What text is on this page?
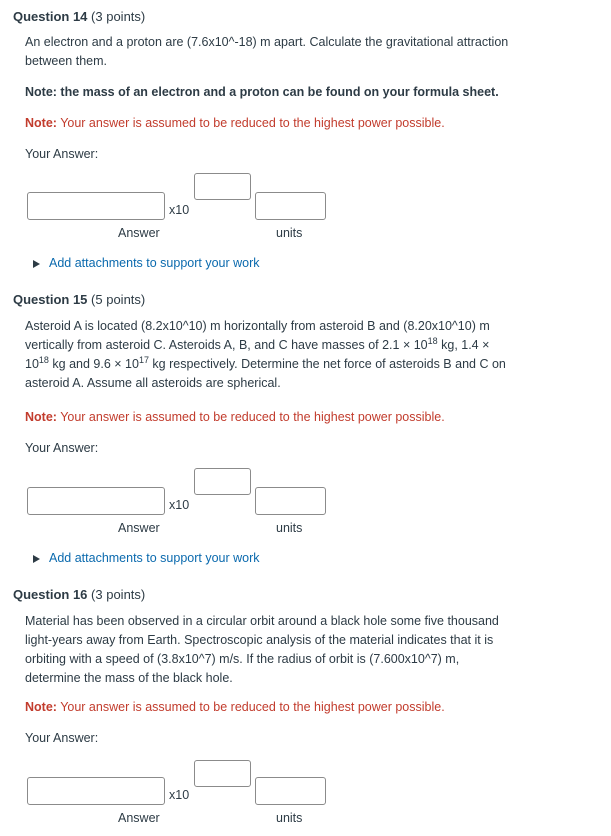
Question 14 (3 points)
An electron and a proton are (7.6x10^-18) m apart. Calculate the gravitational attraction between them.
Note: the mass of an electron and a proton can be found on your formula sheet.
Note: Your answer is assumed to be reduced to the highest power possible.
Your Answer:
x10
Answer	units
Add attachments to support your work
Question 15 (5 points)
Asteroid A is located (8.2x10^10) m horizontally from asteroid B and (8.20x10^10) m vertically from asteroid C. Asteroids A, B, and C have masses of $2.1 \times 10^{18}$ kg, $1.4 \times 10^{18}$ kg and $9.6 \times 10^{17}$ kg respectively. Determine the net force of asteroids B and C on asteroid A. Assume all asteroids are spherical.
Note: Your answer is assumed to be reduced to the highest power possible.
Your Answer:
x10
Answer	units
Add attachments to support your work
Question 16 (3 points)
Material has been observed in a circular orbit around a black hole some five thousand light-years away from Earth. Spectroscopic analysis of the material indicates that it is orbiting with a speed of (3.8x10^7) m/s. If the radius of orbit is (7.600x10^7) m, determine the mass of the black hole.
Note: Your answer is assumed to be reduced to the highest power possible.
Your Answer:
x10
Answer	units
